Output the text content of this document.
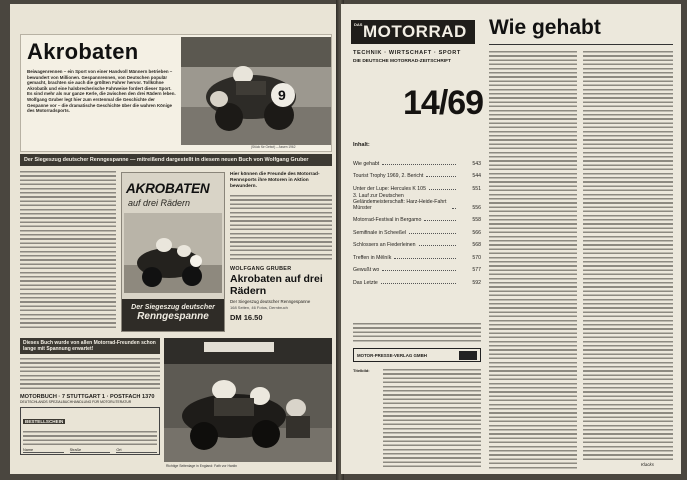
Akrobaten
Beiwagenrennen – ein Sport von einer Handvoll Männern betrieben – bewundert von Millionen. Gespannrennen, von Deutschen populär gemacht, brachten sie auch die größten Fahrer hervor. Tollkühne Akrobatik und eine halsbrecherische Fahrweise fordert dieser Sport. Es sind mehr als nur ganze Kerle, die zwischen den drei Rädern leben. Wolfgang Gruber legt hier zum erstenmal die Geschichte der Gespanne vor – die dramatische Geschichte über die wahren Könige des Motorradsports.
9
(Stück für Gebot) – Assen 1962
Der Siegeszug deutscher Renngespanne — mitreißend dargestellt in diesem neuen Buch von Wolfgang Gruber
AKROBATEN
auf drei Rädern
Der Siegeszug deutscher
Renngespanne
Hier können die Freunde des Motorrad-Rennsports ihre Motoren in Aktion bewundern.
WOLFGANG GRUBER
Akrobaten auf drei Rädern
Der Siegeszug deutscher Renngespanne
168 Seiten, 46 Fotos, Dernbruch
DM 16.50
Dieses Buch wurde von allen Motorrad-Freunden schon lange mit Spannung erwartet!
MOTORBUCH · 7 STUTTGART 1 · POSTFACH 1370
DEUTSCHLANDS SPEZIALBUCHHANDLUNG FÜR MOTORLITERATUR
BESTELLSCHEIN
Name	Straße	Ort
Richtige Seitenlage in England: Fath vor Hanlin
DAS MOTORRAD
TECHNIK · WIRTSCHAFT · SPORT
DIE DEUTSCHE MOTORRAD-ZEITSCHRIFT
14/69
Inhalt:
Wie gehabt	543
Tourist Trophy 1969, 2. Bericht	544
Unter der Lupe: Hercules K 105	551
3. Lauf zur Deutschen Geländemeisterschaft: Harz-Heide-Fahrt Münster	556
Motorrad-Festival in Bergamo	558
Semifinale in Scheeßel	566
Schlossers an Fiederleinen	568
Treffen in Mělník	570
Gewußt wo	577
Das Letzte	592
MOTOR-PRESSE-VERLAG GMBH
Titelbild:
Wie gehabt
Klacks
